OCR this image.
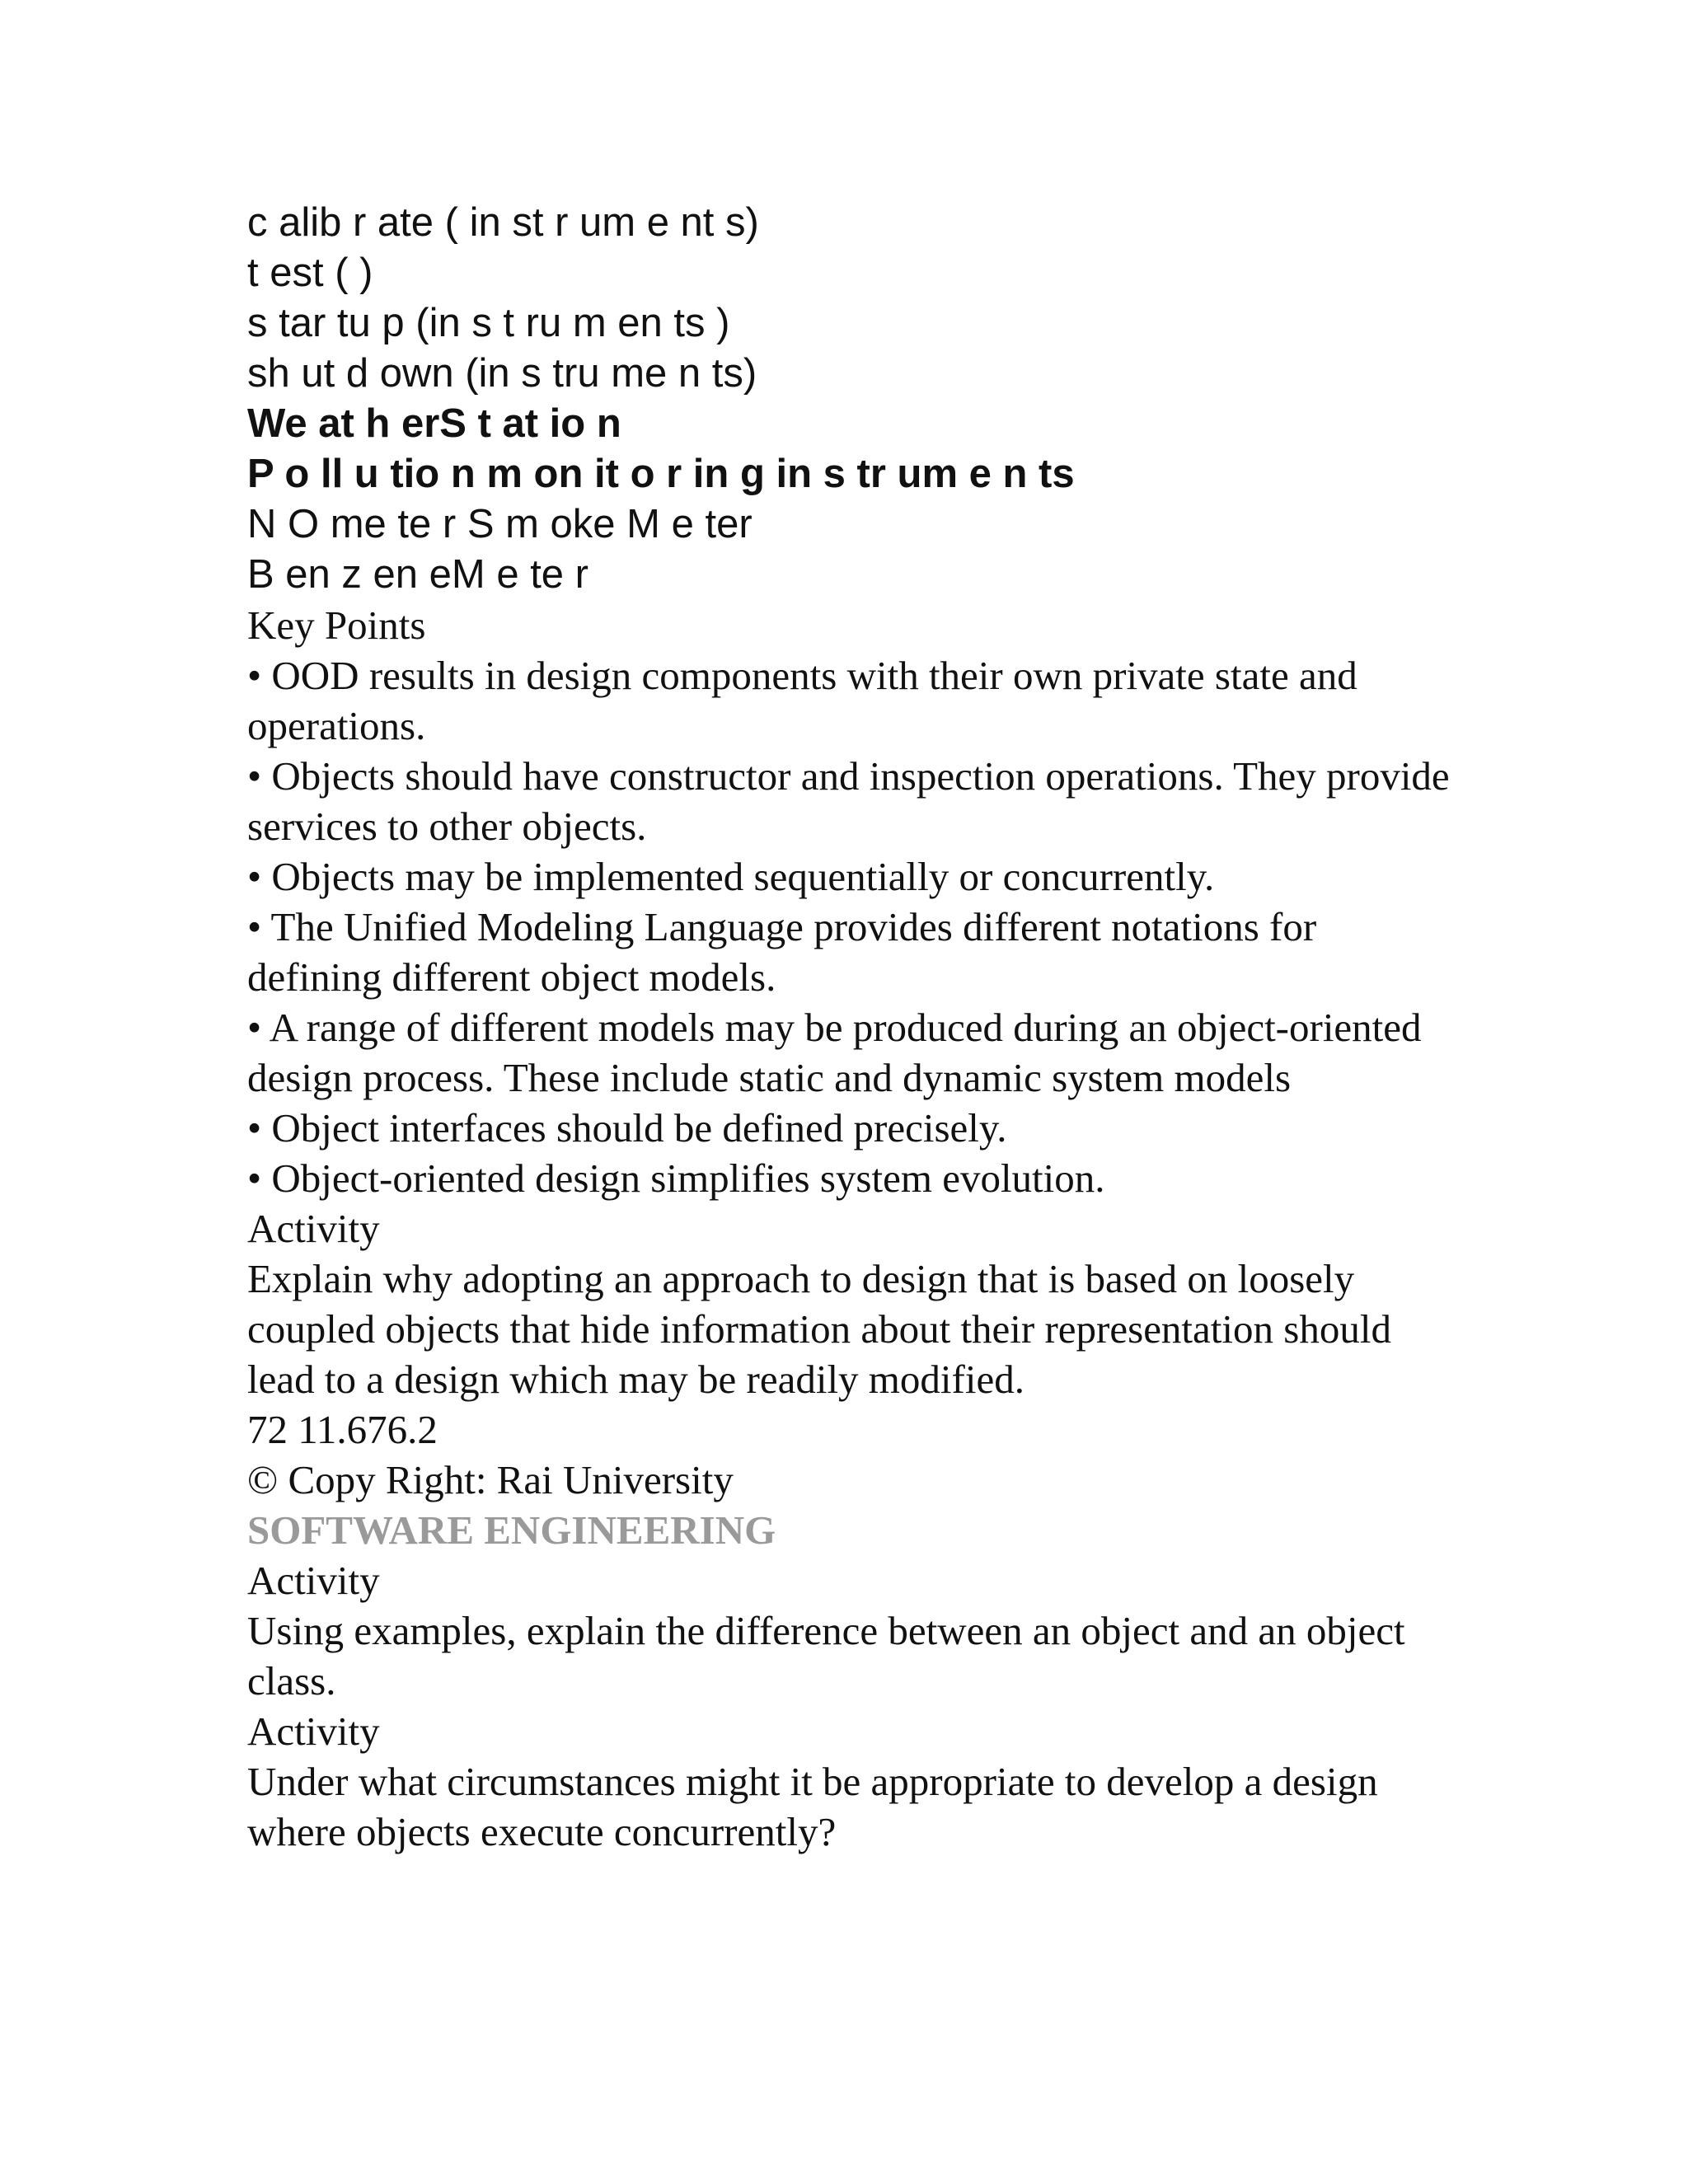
c alib r ate ( in st r um e nt s)
t est ( )
s tar tu p (in s t ru m en ts )
sh ut d own (in s tru me n ts)
We at h erS t at io n
P o ll u tio n m on it o r in g in s tr um e n ts
N O me te r S m oke M e ter
B en z en eM e te r
Key Points
• OOD results in design components with their own private state and operations.
• Objects should have constructor and inspection operations. They provide services to other objects.
• Objects may be implemented sequentially or concurrently.
• The Unified Modeling Language provides different notations for defining different object models.
• A range of different models may be produced during an object-oriented design process. These include static and dynamic system models
• Object interfaces should be defined precisely.
• Object-oriented design simplifies system evolution.
Activity
Explain why adopting an approach to design that is based on loosely coupled objects that hide information about their representation should lead to a design which may be readily modified.
72 11.676.2
© Copy Right: Rai University
SOFTWARE ENGINEERING
Activity
Using examples, explain the difference between an object and an object class.
Activity
Under what circumstances might it be appropriate to develop a design where objects execute concurrently?
